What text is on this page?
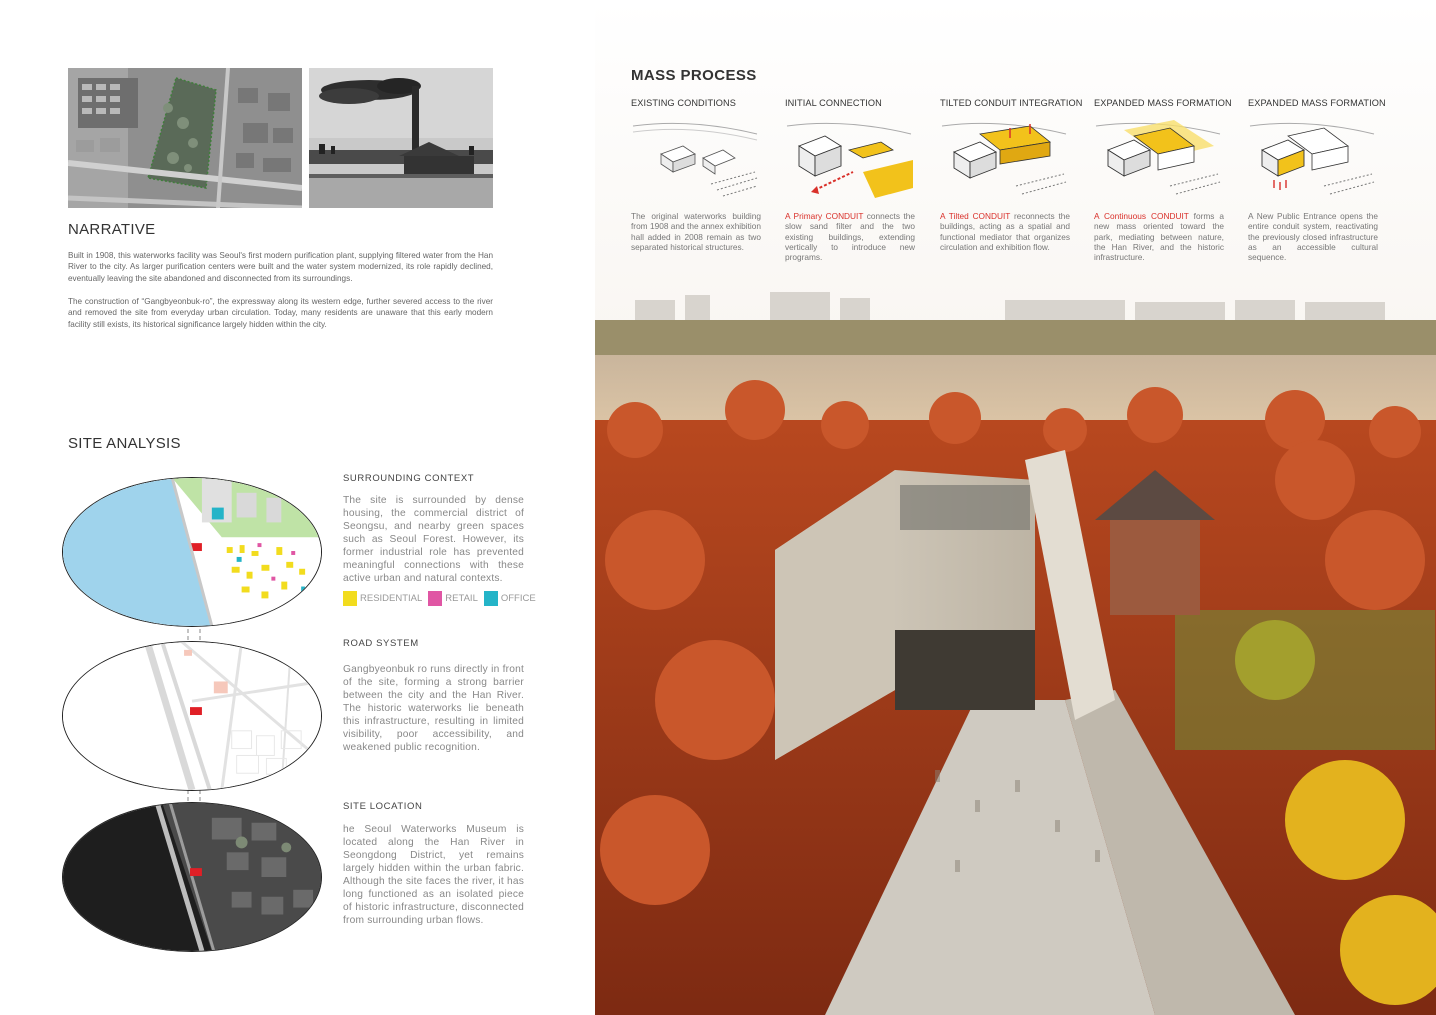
NARRATIVE

Built in 1908, this waterworks facility was Seoul's first modern purification plant, supplying filtered water from the Han River to the city. As larger purification centers were built and the water system modernized, its role rapidly declined, eventually leaving the site abandoned and disconnected from its surroundings.

The construction of “Gangbyeonbuk-ro”, the expressway along its western edge, further severed access to the river and removed the site from everyday urban circulation. Today, many residents are unaware that this early modern facility still exists, its historical significance largely hidden within the city.

SITE ANALYSIS
SURROUNDING CONTEXT

The site is surrounded by dense housing, the commercial district of Seongsu, and nearby green spaces such as Seoul Forest. However, its former industrial role has prevented meaningful connections with these active urban and natural contexts.

RESIDENTIAL RETAIL OFFICE
ROAD SYSTEM

Gangbyeonbuk ro runs directly in front of the site, forming a strong barrier between the city and the Han River. The historic waterworks lie beneath this infrastructure, resulting in limited visibility, poor accessibility, and weakened public recognition.

SITE LOCATION

he Seoul Waterworks Museum is located along the Han River in Seongdong District, yet remains largely hidden within the urban fabric. Although the site faces the river, it has long functioned as an isolated piece of historic infrastructure, disconnected from surrounding urban flows.

MASS PROCESS
EXISTING CONDITIONS

The original waterworks building from 1908 and the annex exhibition hall added in 2008 remain as two separated historical structures.

INITIAL CONNECTION

A Primary CONDUIT connects the slow sand filter and the two existing buildings, extending vertically to introduce new programs.

TILTED CONDUIT INTEGRATION

A Tilted CONDUIT reconnects the buildings, acting as a spatial and functional mediator that organizes circulation and exhibition flow.

EXPANDED MASS FORMATION

A Continuous CONDUIT forms a new mass oriented toward the park, mediating between nature, the Han River, and the historic infrastructure.

EXPANDED MASS FORMATION

A New Public Entrance opens the entire conduit system, reactivating the previously closed infrastructure as an accessible cultural sequence.
